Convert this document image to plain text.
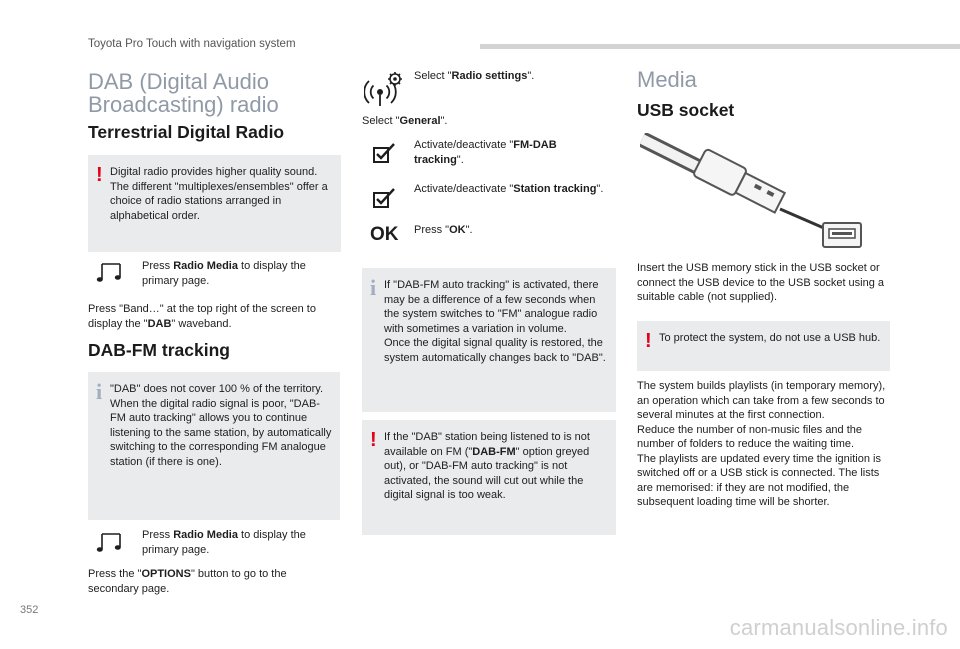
Toyota Pro Touch with navigation system
DAB (Digital Audio Broadcasting) radio
Terrestrial Digital Radio
! Digital radio provides higher quality sound. The different "multiplexes/ensembles" offer a choice of radio stations arranged in alphabetical order.
Press Radio Media to display the primary page.
Press "Band…" at the top right of the screen to display the "DAB" waveband.
DAB-FM tracking
i "DAB" does not cover 100 % of the territory.
When the digital radio signal is poor, "DAB-FM auto tracking" allows you to continue listening to the same station, by automatically switching to the corresponding FM analogue station (if there is one).
Press Radio Media to display the primary page.
Press the "OPTIONS" button to go to the secondary page.
Select "Radio settings".
Select "General".
Activate/deactivate "FM-DAB tracking".
Activate/deactivate "Station tracking".
OK Press "OK".
i If "DAB-FM auto tracking" is activated, there may be a difference of a few seconds when the system switches to "FM" analogue radio with sometimes a variation in volume.
Once the digital signal quality is restored, the system automatically changes back to "DAB".
! If the "DAB" station being listened to is not available on FM ("DAB-FM" option greyed out), or "DAB-FM auto tracking" is not activated, the sound will cut out while the digital signal is too weak.
Media
USB socket
Insert the USB memory stick in the USB socket or connect the USB device to the USB socket using a suitable cable (not supplied).
! To protect the system, do not use a USB hub.
The system builds playlists (in temporary memory), an operation which can take from a few seconds to several minutes at the first connection.
Reduce the number of non-music files and the number of folders to reduce the waiting time.
The playlists are updated every time the ignition is switched off or a USB stick is connected. The lists are memorised: if they are not modified, the subsequent loading time will be shorter.
352
carmanualsonline.info
